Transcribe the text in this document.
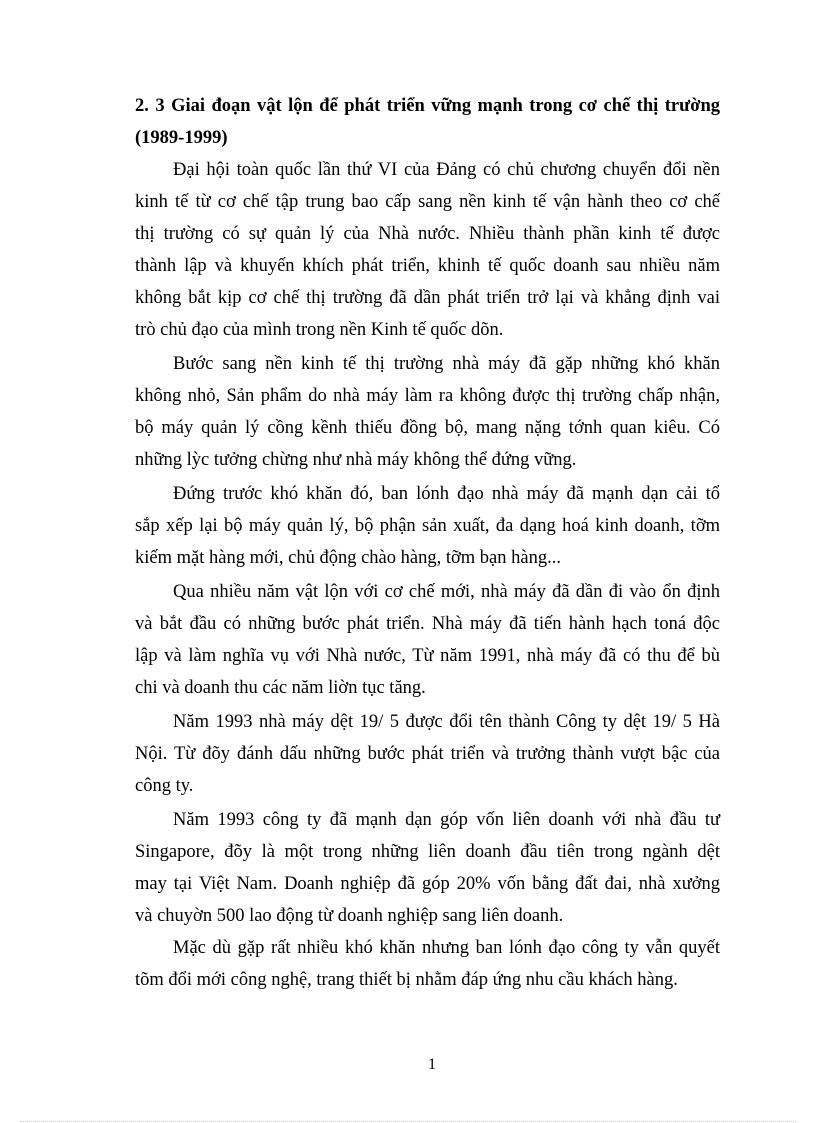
2. 3 Giai đoạn vật lộn để phát triển vững mạnh trong cơ chế thị trường
(1989-1999)
Đại hội toàn quốc lần thứ VI của Đảng có chủ chương chuyển đổi nền
kinh tế từ cơ chế tập trung bao cấp sang nền kinh tế vận hành theo cơ chế
thị trường có sự quản lý của Nhà nước. Nhiều thành phần kinh tế được
thành lập và khuyến khích phát triển, khinh tế quốc doanh sau nhiều năm
không bắt kịp cơ chế thị trường đã dần phát triển trở lại và khẳng định vai
trò chủ đạo của mình trong nền Kinh tế quốc dõn.
Bước sang nền kinh tế thị trường nhà máy đã gặp những khó khăn
không nhỏ, Sản phẩm do nhà máy làm ra không được thị trường chấp nhận,
bộ máy quản lý cồng kềnh thiếu đồng bộ, mang nặng tớnh quan kiêu. Có
những lỳc tưởng chừng như nhà máy không thể đứng vững.
Đứng trước khó khăn đó, ban lónh đạo nhà máy đã mạnh dạn cải tổ
sắp xếp lại bộ máy quản lý, bộ phận sản xuất, đa dạng hoá kinh doanh, tỡm
kiếm mặt hàng mới, chủ động chào hàng, tỡm bạn hàng...
Qua nhiều năm vật lộn với cơ chế mới, nhà máy đã dần đi vào ổn định
và bắt đầu có những bước phát triển. Nhà máy đã tiến hành hạch toná độc
lập và làm nghĩa vụ với Nhà nước, Từ năm 1991, nhà máy đã có thu để bù
chi và doanh thu các năm liờn tục tăng.
Năm 1993 nhà máy dệt 19/ 5 được đổi tên thành Công ty dệt 19/ 5 Hà
Nội. Từ đõy đánh dấu những bước phát triển và trưởng thành vượt bậc của
công ty.
Năm 1993 công ty đã mạnh dạn góp vốn liên doanh với nhà đầu tư
Singapore, đõy là một trong những liên doanh đầu tiên trong ngành dệt
may tại Việt Nam. Doanh nghiệp đã góp 20% vốn bằng đất đai, nhà xưởng
và chuyờn 500 lao động từ doanh nghiệp sang liên doanh.
Mặc dù gặp rất nhiều khó khăn nhưng ban lónh đạo công ty vẫn quyết
tõm đổi mới công nghệ, trang thiết bị nhằm đáp ứng nhu cầu khách hàng.
1
